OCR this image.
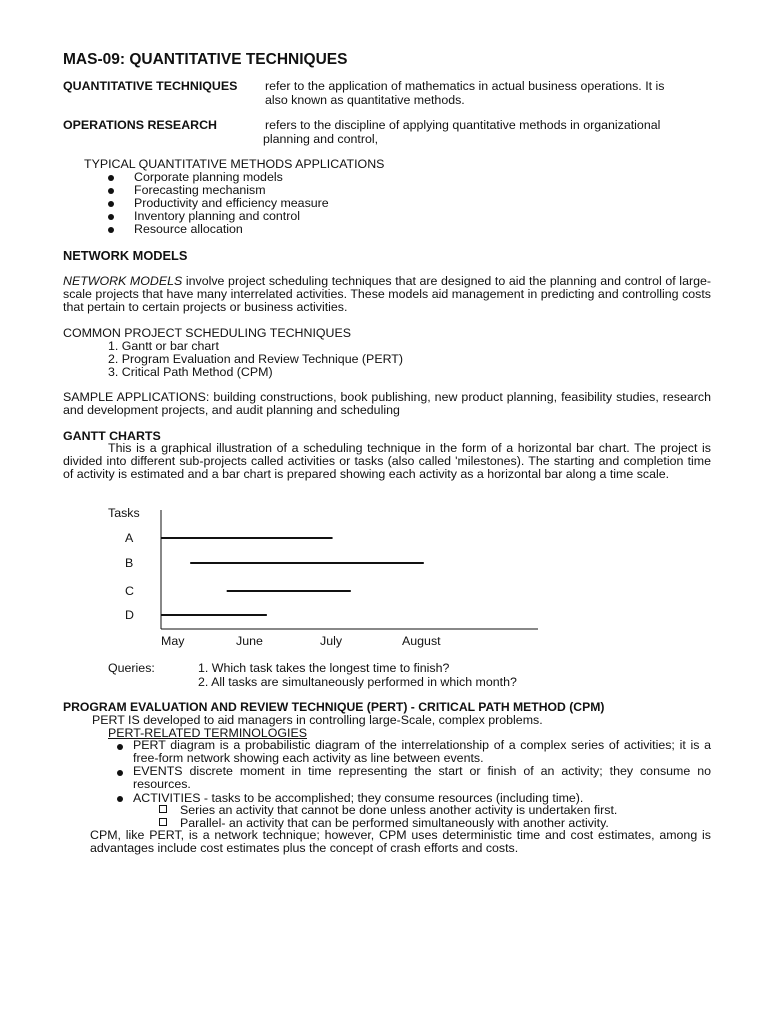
MAS-09: QUANTITATIVE TECHNIQUES
QUANTITATIVE TECHNIQUES refer to the application of mathematics in actual business operations. It is
also known as quantitative methods.
OPERATIONS RESEARCH	refers to the discipline of applying quantitative methods in organizational
planning and control,
TYPICAL QUANTITATIVE METHODS APPLICATIONS
Corporate planning models
Forecasting mechanism
Productivity and efficiency measure
Inventory planning and control
Resource allocation
NETWORK MODELS
NETWORK MODELS involve project scheduling techniques that are designed to aid the planning and control of large-scale projects that have many interrelated activities. These models aid management in predicting and controlling costs that pertain to certain projects or business activities.
COMMON PROJECT SCHEDULING TECHNIQUES
1. Gantt or bar chart
2. Program Evaluation and Review Technique (PERT)
3. Critical Path Method (CPM)
SAMPLE APPLICATIONS: building constructions, book publishing, new product planning, feasibility studies, research and development projects, and audit planning and scheduling
GANTT CHARTS
This is a graphical illustration of a scheduling technique in the form of a horizontal bar chart. The project is divided into different sub-projects called activities or tasks (also called 'milestones). The starting and completion time of activity is estimated and a bar chart is prepared showing each activity as a horizontal bar along a time scale.
Tasks
A
B
C
D
May	June	July	August
Queries:	1. Which task takes the longest time to finish?
2. All tasks are simultaneously performed in which month?
PROGRAM EVALUATION AND REVIEW TECHNIQUE (PERT) - CRITICAL PATH METHOD (CPM)
PERT IS developed to aid managers in controlling large-Scale, complex problems.
PERT-RELATED TERMINOLOGIES
PERT diagram is a probabilistic diagram of the interrelationship of a complex series of activities; it is a free-form network showing each activity as line between events.
EVENTS discrete moment in time representing the start or finish of an activity; they consume no resources.
ACTIVITIES - tasks to be accomplished; they consume resources (including time).
Series an activity that cannot be done unless another activity is undertaken first.
Parallel- an activity that can be performed simultaneously with another activity.
CPM, like PERT, is a network technique; however, CPM uses deterministic time and cost estimates, among is advantages include cost estimates plus the concept of crash efforts and costs.
